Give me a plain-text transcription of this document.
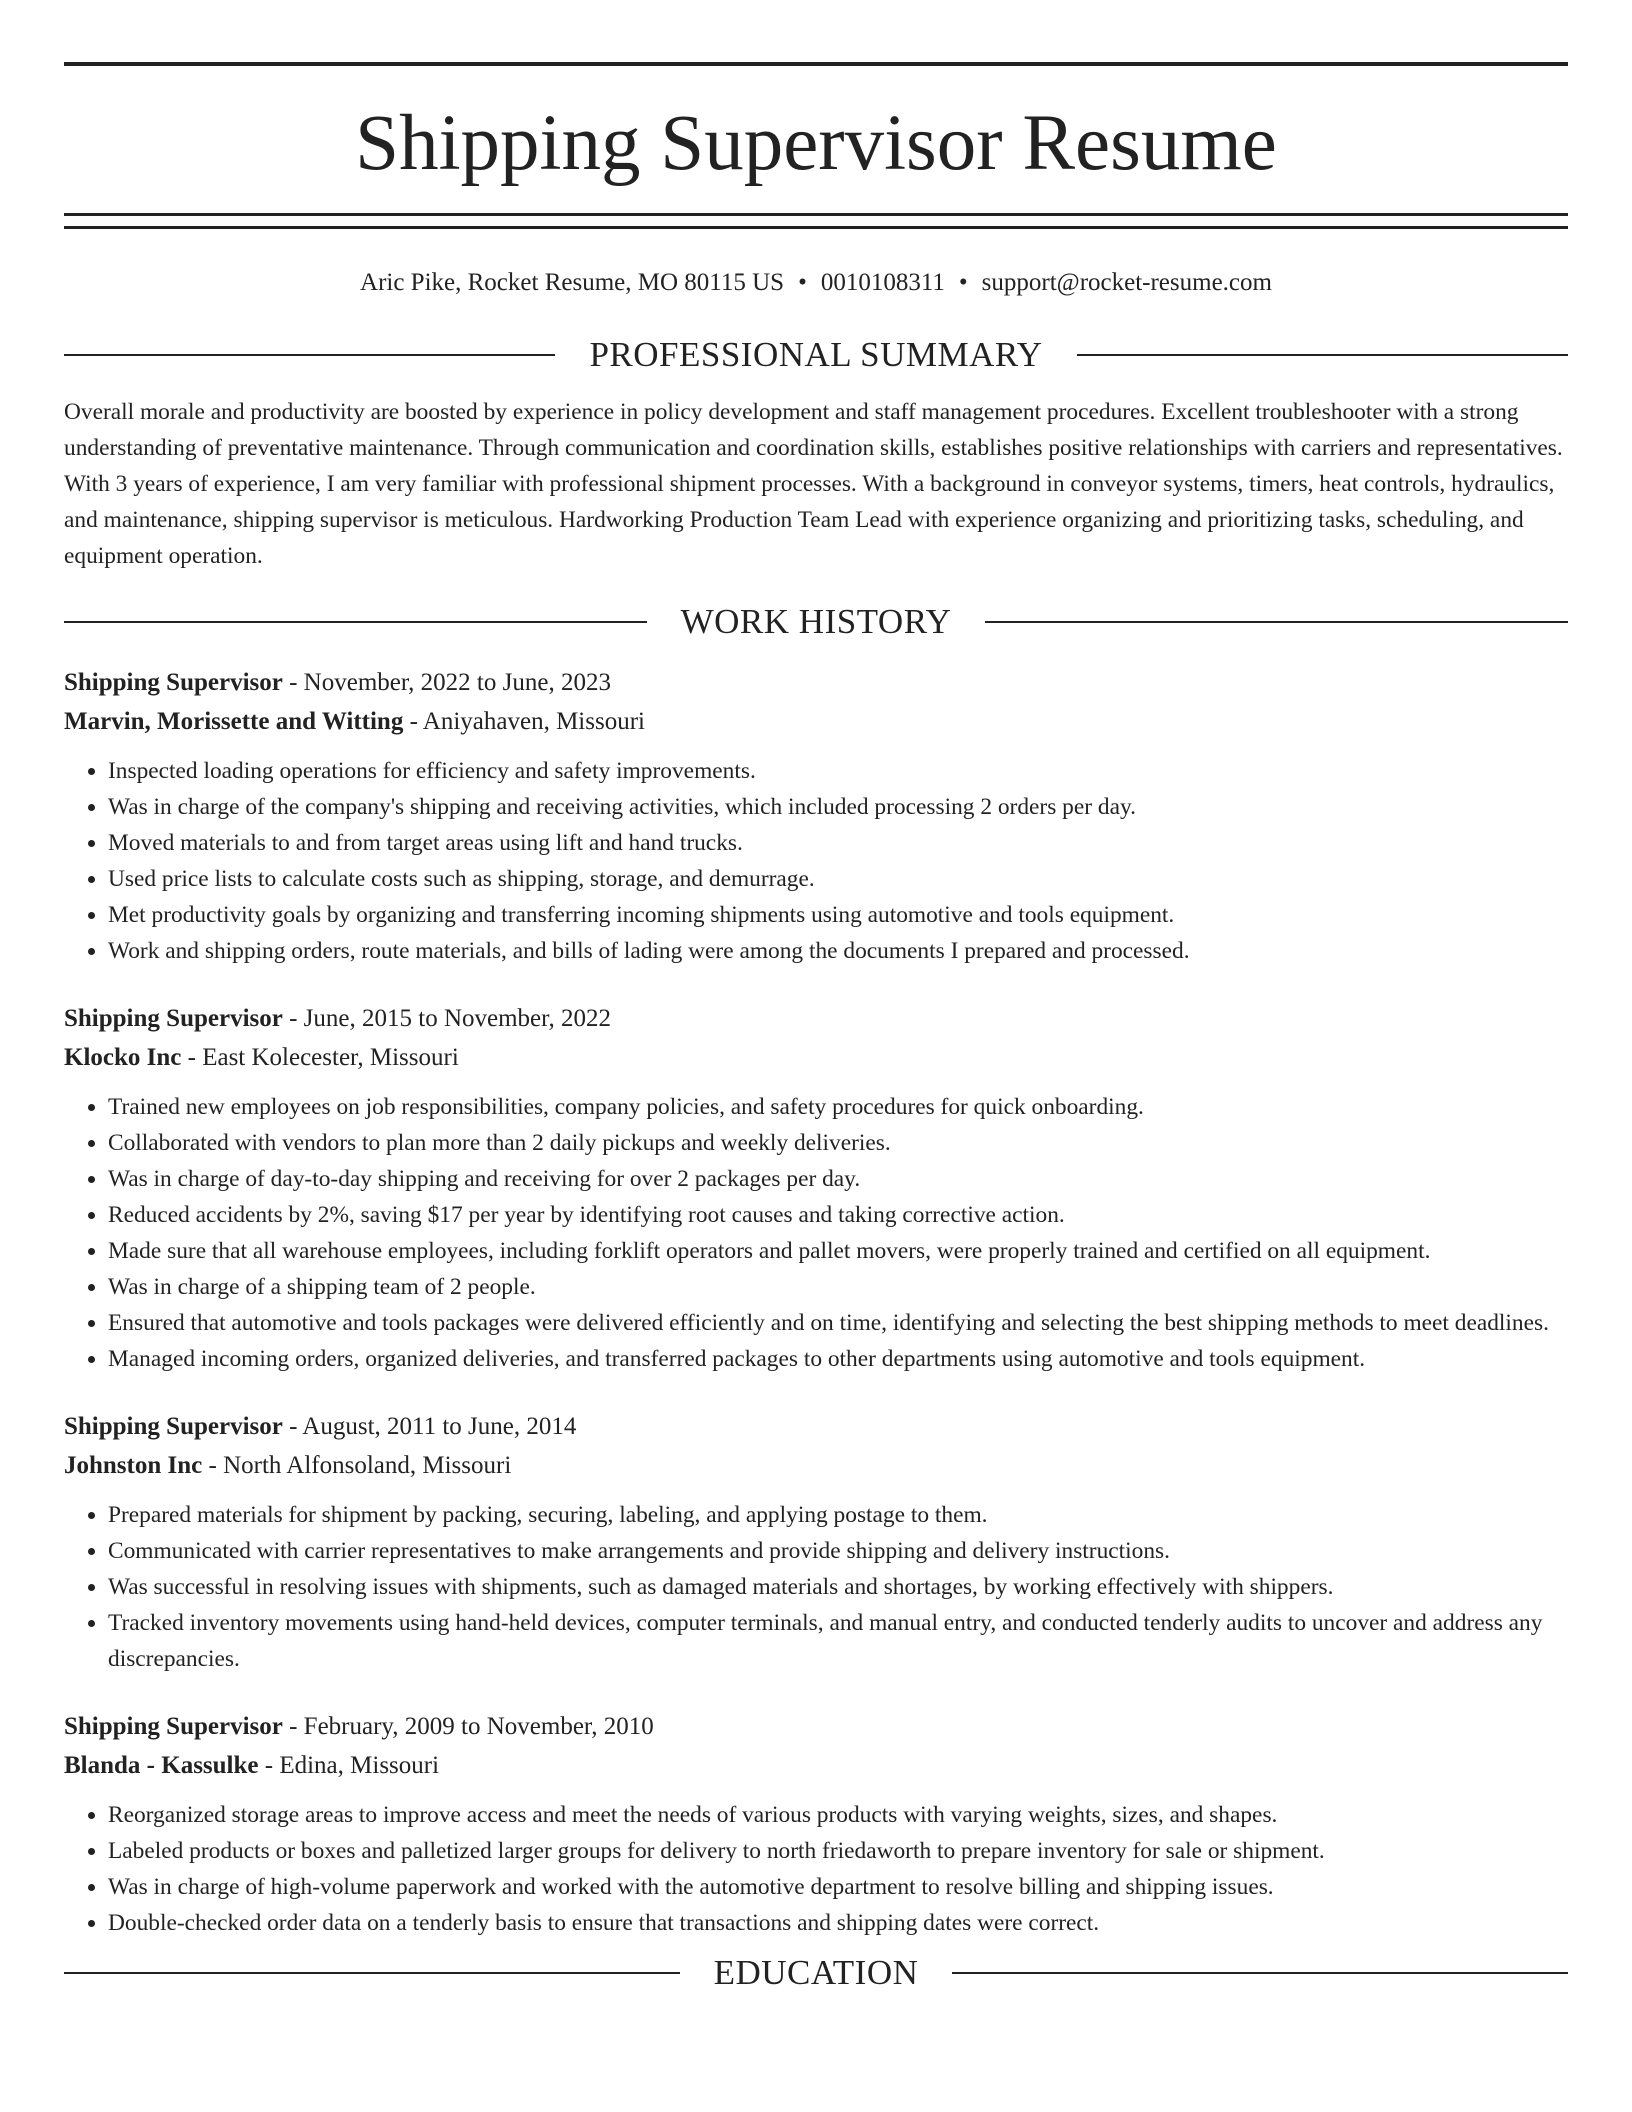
Shipping Supervisor Resume
Aric Pike, Rocket Resume, MO 80115 US • 0010108311 • support@rocket-resume.com
PROFESSIONAL SUMMARY
Overall morale and productivity are boosted by experience in policy development and staff management procedures. Excellent troubleshooter with a strong understanding of preventative maintenance. Through communication and coordination skills, establishes positive relationships with carriers and representatives. With 3 years of experience, I am very familiar with professional shipment processes. With a background in conveyor systems, timers, heat controls, hydraulics, and maintenance, shipping supervisor is meticulous. Hardworking Production Team Lead with experience organizing and prioritizing tasks, scheduling, and equipment operation.
WORK HISTORY
Shipping Supervisor - November, 2022 to June, 2023
Marvin, Morissette and Witting - Aniyahaven, Missouri
• Inspected loading operations for efficiency and safety improvements.
• Was in charge of the company's shipping and receiving activities, which included processing 2 orders per day.
• Moved materials to and from target areas using lift and hand trucks.
• Used price lists to calculate costs such as shipping, storage, and demurrage.
• Met productivity goals by organizing and transferring incoming shipments using automotive and tools equipment.
• Work and shipping orders, route materials, and bills of lading were among the documents I prepared and processed.
Shipping Supervisor - June, 2015 to November, 2022
Klocko Inc - East Kolecester, Missouri
• Trained new employees on job responsibilities, company policies, and safety procedures for quick onboarding.
• Collaborated with vendors to plan more than 2 daily pickups and weekly deliveries.
• Was in charge of day-to-day shipping and receiving for over 2 packages per day.
• Reduced accidents by 2%, saving $17 per year by identifying root causes and taking corrective action.
• Made sure that all warehouse employees, including forklift operators and pallet movers, were properly trained and certified on all equipment.
• Was in charge of a shipping team of 2 people.
• Ensured that automotive and tools packages were delivered efficiently and on time, identifying and selecting the best shipping methods to meet deadlines.
• Managed incoming orders, organized deliveries, and transferred packages to other departments using automotive and tools equipment.
Shipping Supervisor - August, 2011 to June, 2014
Johnston Inc - North Alfonsoland, Missouri
• Prepared materials for shipment by packing, securing, labeling, and applying postage to them.
• Communicated with carrier representatives to make arrangements and provide shipping and delivery instructions.
• Was successful in resolving issues with shipments, such as damaged materials and shortages, by working effectively with shippers.
• Tracked inventory movements using hand-held devices, computer terminals, and manual entry, and conducted tenderly audits to uncover and address any discrepancies.
Shipping Supervisor - February, 2009 to November, 2010
Blanda - Kassulke - Edina, Missouri
• Reorganized storage areas to improve access and meet the needs of various products with varying weights, sizes, and shapes.
• Labeled products or boxes and palletized larger groups for delivery to north friedaworth to prepare inventory for sale or shipment.
• Was in charge of high-volume paperwork and worked with the automotive department to resolve billing and shipping issues.
• Double-checked order data on a tenderly basis to ensure that transactions and shipping dates were correct.
EDUCATION
